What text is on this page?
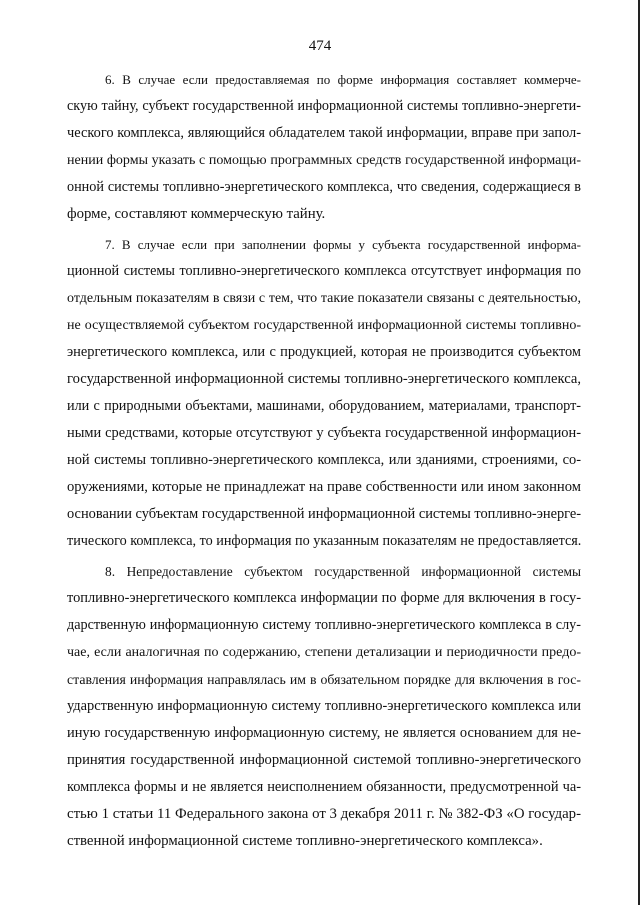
474
6. В случае если предоставляемая по форме информация составляет коммерче-
скую тайну, субъект государственной информационной системы топливно-энергети-
ческого комплекса, являющийся обладателем такой информации, вправе при запол-
нении формы указать с помощью программных средств государственной информаци-
онной системы топливно-энергетического комплекса, что сведения, содержащиеся в
форме, составляют коммерческую тайну.
7. В случае если при заполнении формы у субъекта государственной информа-
ционной системы топливно-энергетического комплекса отсутствует информация по
отдельным показателям в связи с тем, что такие показатели связаны с деятельностью,
не осуществляемой субъектом государственной информационной системы топливно-
энергетического комплекса, или с продукцией, которая не производится субъектом
государственной информационной системы топливно-энергетического комплекса,
или с природными объектами, машинами, оборудованием, материалами, транспорт-
ными средствами, которые отсутствуют у субъекта государственной информацион-
ной системы топливно-энергетического комплекса, или зданиями, строениями, со-
оружениями, которые не принадлежат на праве собственности или ином законном
основании субъектам государственной информационной системы топливно-энерге-
тического комплекса, то информация по указанным показателям не предоставляется.
8. Непредоставление субъектом государственной информационной системы
топливно-энергетического комплекса информации по форме для включения в госу-
дарственную информационную систему топливно-энергетического комплекса в слу-
чае, если аналогичная по содержанию, степени детализации и периодичности предо-
ставления информация направлялась им в обязательном порядке для включения в гос-
ударственную информационную систему топливно-энергетического комплекса или
иную государственную информационную систему, не является основанием для не-
принятия государственной информационной системой топливно-энергетического
комплекса формы и не является неисполнением обязанности, предусмотренной ча-
стью 1 статьи 11 Федерального закона от 3 декабря 2011 г. № 382-ФЗ «О государ-
ственной информационной системе топливно-энергетического комплекса».
